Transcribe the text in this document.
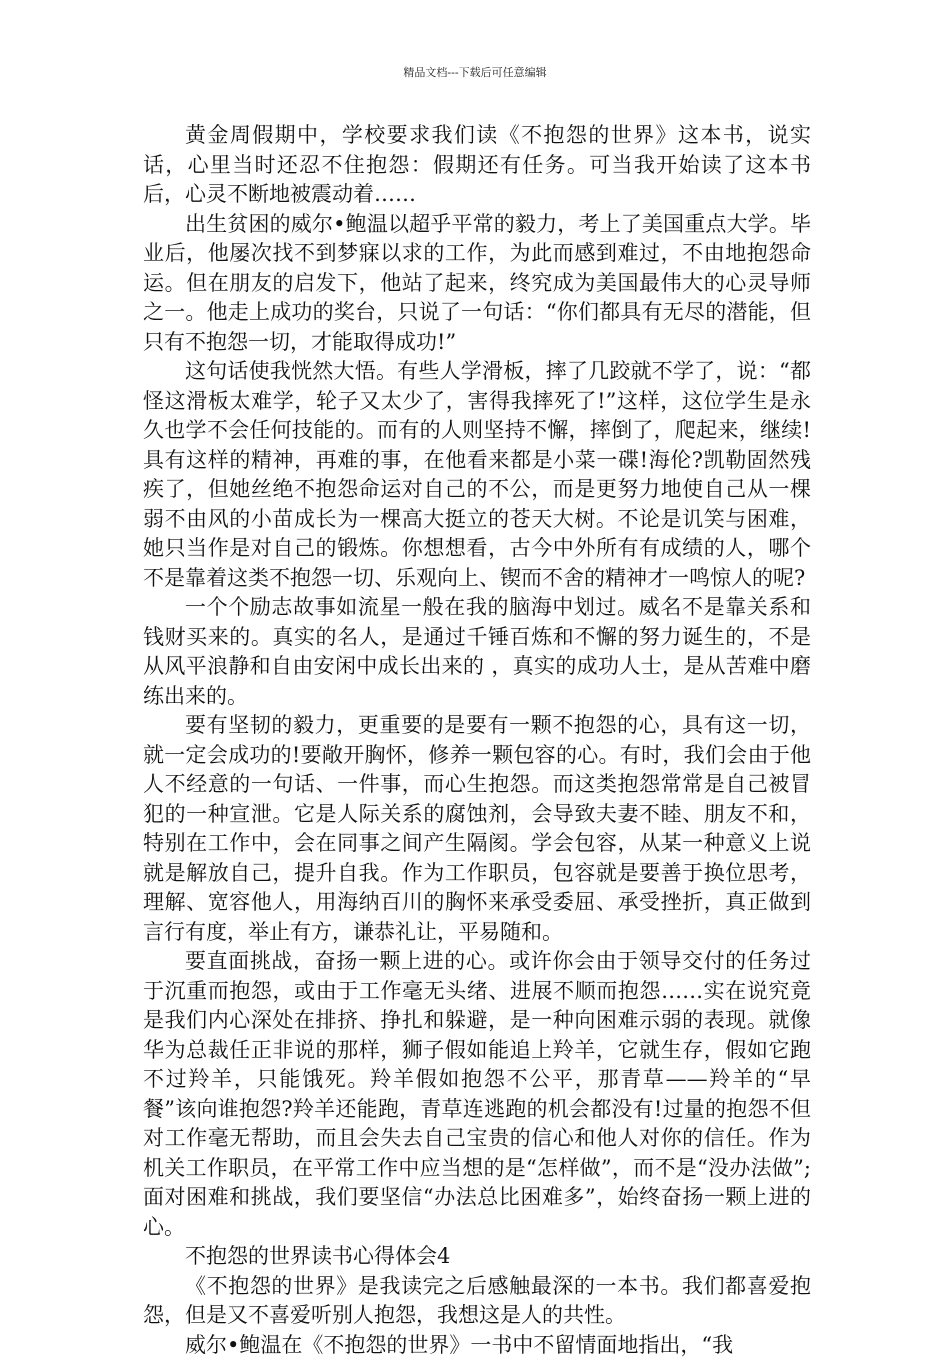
精品文档---下载后可任意编辑

黄金周假期中，学校要求我们读《不抱怨的世界》这本书，说实话，心里当时还忍不住抱怨：假期还有任务。可当我开始读了这本书后，心灵不断地被震动着……

出生贫困的威尔•鲍温以超乎平常的毅力，考上了美国重点大学。毕业后，他屡次找不到梦寐以求的工作，为此而感到难过，不由地抱怨命运。但在朋友的启发下，他站了起来，终究成为美国最伟大的心灵导师之一。他走上成功的奖台，只说了一句话：“你们都具有无尽的潜能，但只有不抱怨一切，才能取得成功!”

这句话使我恍然大悟。有些人学滑板，摔了几跤就不学了，说：“都怪这滑板太难学，轮子又太少了，害得我摔死了!”这样，这位学生是永久也学不会任何技能的。而有的人则坚持不懈，摔倒了，爬起来，继续!具有这样的精神，再难的事，在他看来都是小菜一碟!海伦?凯勒固然残疾了，但她丝绝不抱怨命运对自己的不公，而是更努力地使自己从一棵弱不由风的小苗成长为一棵高大挺立的苍天大树。不论是讥笑与困难，她只当作是对自己的锻炼。你想想看，古今中外所有有成绩的人，哪个不是靠着这类不抱怨一切、乐观向上、锲而不舍的精神才一鸣惊人的呢?

一个个励志故事如流星一般在我的脑海中划过。威名不是靠关系和钱财买来的。真实的名人，是通过千锤百炼和不懈的努力诞生的，不是从风平浪静和自由安闲中成长出来的 ，真实的成功人士，是从苦难中磨练出来的。

要有坚韧的毅力，更重要的是要有一颗不抱怨的心，具有这一切，就一定会成功的!要敞开胸怀，修养一颗包容的心。有时，我们会由于他人不经意的一句话、一件事，而心生抱怨。而这类抱怨常常是自己被冒犯的一种宣泄。它是人际关系的腐蚀剂，会导致夫妻不睦、朋友不和，特别在工作中，会在同事之间产生隔阂。学会包容，从某一种意义上说就是解放自己，提升自我。作为工作职员，包容就是要善于换位思考，理解、宽容他人，用海纳百川的胸怀来承受委屈、承受挫折，真正做到言行有度，举止有方，谦恭礼让，平易随和。

要直面挑战，奋扬一颗上进的心。或许你会由于领导交付的任务过于沉重而抱怨，或由于工作毫无头绪、进展不顺而抱怨……实在说究竟是我们内心深处在排挤、挣扎和躲避，是一种向困难示弱的表现。就像华为总裁任正非说的那样，狮子假如能追上羚羊，它就生存，假如它跑不过羚羊，只能饿死。羚羊假如抱怨不公平，那青草——羚羊的“早餐”该向谁抱怨?羚羊还能跑，青草连逃跑的机会都没有!过量的抱怨不但对工作毫无帮助，而且会失去自己宝贵的信心和他人对你的信任。作为机关工作职员，在平常工作中应当想的是“怎样做”，而不是“没办法做”;面对困难和挑战，我们要坚信“办法总比困难多”，始终奋扬一颗上进的心。

不抱怨的世界读书心得体会4

《不抱怨的世界》是我读完之后感触最深的一本书。我们都喜爱抱怨，但是又不喜爱听别人抱怨，我想这是人的共性。

威尔•鲍温在《不抱怨的世界》一书中不留情面地指出，“我
